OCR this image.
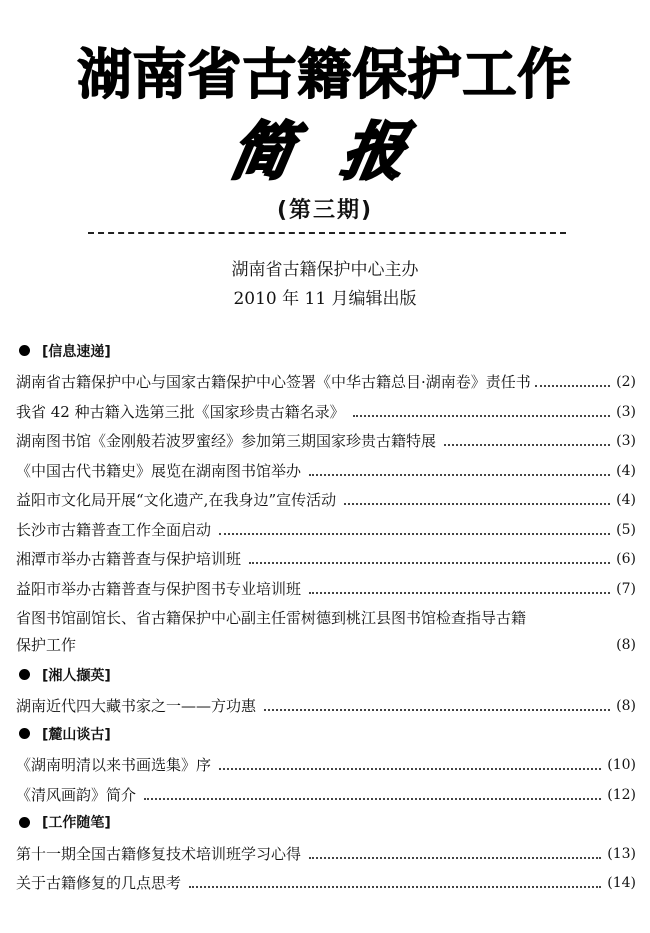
湖南省古籍保护工作
简 报
(第三期)
湖南省古籍保护中心主办
2010 年 11 月编辑出版
[信息速递]
湖南省古籍保护中心与国家古籍保护中心签署《中华古籍总目·湖南卷》责任书	(2)
我省 42 种古籍入选第三批《国家珍贵古籍名录》	(3)
湖南图书馆《金刚般若波罗蜜经》参加第三期国家珍贵古籍特展	(3)
《中国古代书籍史》展览在湖南图书馆举办	(4)
益阳市文化局开展“文化遗产,在我身边”宣传活动	(4)
长沙市古籍普查工作全面启动	(5)
湘潭市举办古籍普查与保护培训班	(6)
益阳市举办古籍普查与保护图书专业培训班	(7)
省图书馆副馆长、省古籍保护中心副主任雷树德到桃江县图书馆检查指导古籍
保护工作	(8)
[湘人撷英]
湖南近代四大藏书家之一——方功惠	(8)
[麓山谈古]
《湖南明清以来书画选集》序	(10)
《清风画韵》简介	(12)
[工作随笔]
第十一期全国古籍修复技术培训班学习心得	(13)
关于古籍修复的几点思考	(14)
